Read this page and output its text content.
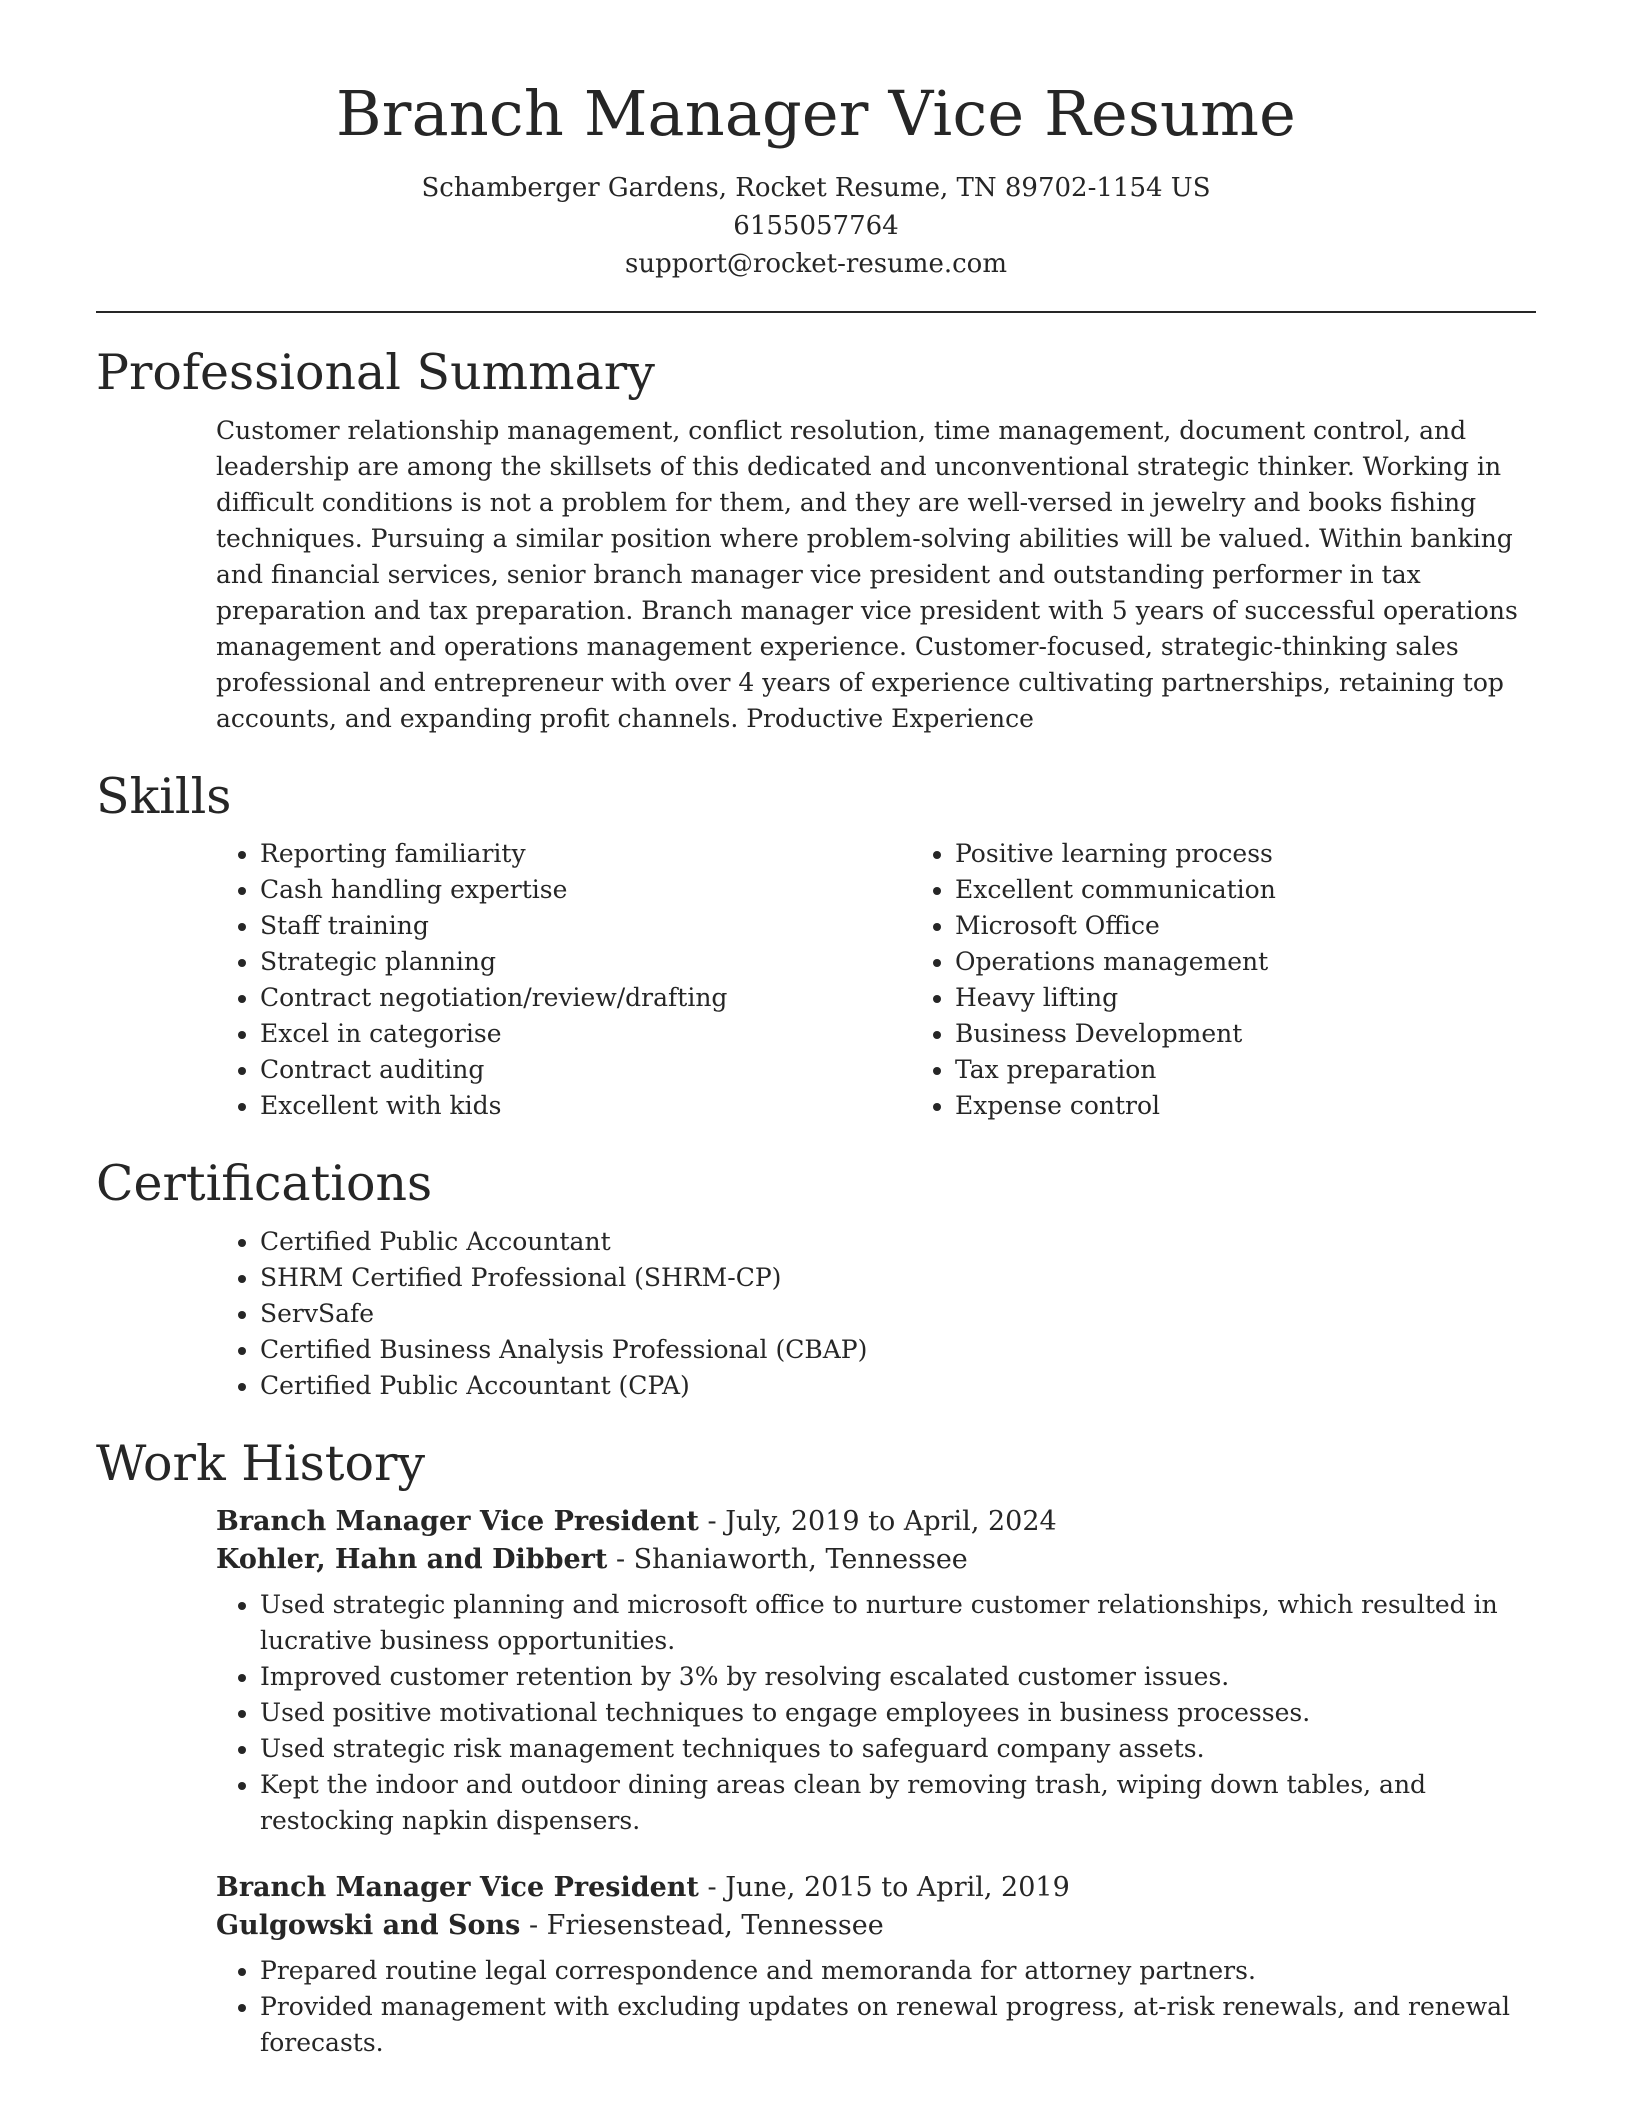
Branch Manager Vice Resume
Schamberger Gardens, Rocket Resume, TN 89702-1154 US
6155057764
support@rocket-resume.com
Professional Summary

Customer relationship management, conflict resolution, time management, document control, and leadership are among the skillsets of this dedicated and unconventional strategic thinker. Working in difficult conditions is not a problem for them, and they are well-versed in jewelry and books fishing techniques. Pursuing a similar position where problem-solving abilities will be valued. Within banking and financial services, senior branch manager vice president and outstanding performer in tax preparation and tax preparation. Branch manager vice president with 5 years of successful operations management and operations management experience. Customer-focused, strategic-thinking sales professional and entrepreneur with over 4 years of experience cultivating partnerships, retaining top accounts, and expanding profit channels. Productive Experience

Skills
• Reporting familiarity
• Cash handling expertise
• Staff training
• Strategic planning
• Contract negotiation/review/drafting
• Excel in categorise
• Contract auditing
• Excellent with kids
• Positive learning process
• Excellent communication
• Microsoft Office
• Operations management
• Heavy lifting
• Business Development
• Tax preparation
• Expense control
Certifications
• Certified Public Accountant
• SHRM Certified Professional (SHRM-CP)
• ServSafe
• Certified Business Analysis Professional (CBAP)
• Certified Public Accountant (CPA)
Work History
Branch Manager Vice President - July, 2019 to April, 2024
Kohler, Hahn and Dibbert - Shaniaworth, Tennessee
• Used strategic planning and microsoft office to nurture customer relationships, which resulted in lucrative business opportunities.
• Improved customer retention by 3% by resolving escalated customer issues.
• Used positive motivational techniques to engage employees in business processes.
• Used strategic risk management techniques to safeguard company assets.
• Kept the indoor and outdoor dining areas clean by removing trash, wiping down tables, and restocking napkin dispensers.
Branch Manager Vice President - June, 2015 to April, 2019
Gulgowski and Sons - Friesenstead, Tennessee
• Prepared routine legal correspondence and memoranda for attorney partners.
• Provided management with excluding updates on renewal progress, at-risk renewals, and renewal forecasts.
